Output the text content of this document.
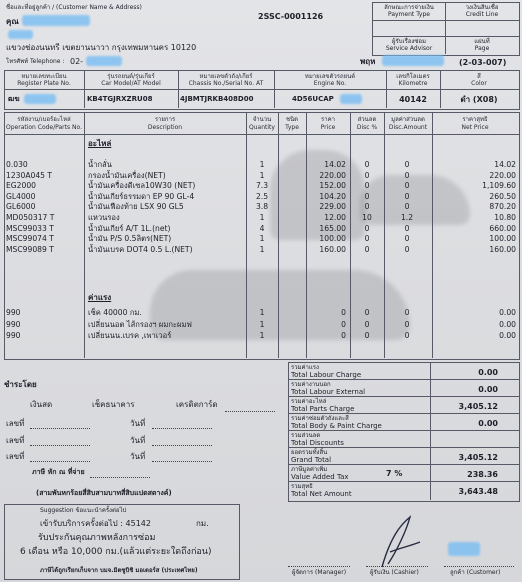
ชื่อและที่อยู่ลูกค้า / (Customer Name & Address)
คุณ
แขวงช่องนนทรี เขตยานนาวา กรุงเทพมหานคร 10120
โทรศัพท์ Telephone : 02-
2SSC-0001126
ลักษณะการจ่ายเงิน
Payment Type
วงเงินสินเชื่อ
Credit Line
ผู้รับเรื่องซ่อม
Service Advisor
แผ่นที่
Page
พฤห	(2-03-007)
หมายเลขทะเบียน
Register Plate No.
รุ่นรถยนต์/รุ่นเกียร์
Car Model/AT Model
หมายเลขตัวถัง/เกียร์
Chassis No./Serial No. AT
หมายเลขตัวรถยนต์
Engine No.
เลขกิโลเมตร
Kilometre
สี
Color
ฒฆ	KB4TGJRXZRU08	4JBMTJRKB408D00	4D56UCAP	40142	ดำ (X08)
รหัสงาน/เบอร์อะไหล่
Operation Code/Parts No.
รายการ
Description
จำนวน
Quantity
ชนิด
Type
ราคา
Price
ส่วนลด
Disc %
มูลค่าส่วนลด
Disc.Amount
ราคาสุทธิ
Net Price
อะไหล่
0.030	น้ำกลั่น	1	14.02	0	0	14.02
1230A045 T	กรองน้ำมันเครื่อง(NET)	1	220.00	0	0	220.00
EG2000	น้ำมันเครื่องดีเซล10W30 (NET)	7.3	152.00	0	0	1,109.60
GL4000	น้ำมันเกียร์ธรรมดา EP 90 GL-4	2.5	104.20	0	0	260.50
GL6000	น้ำมันเฟืองท้าย LSX 90 GL5	3.8	229.00	0	0	870.20
MD050317 T	แหวนรอง	1	12.00	10	1.2	10.80
MSC99033 T	น้ำมันเกียร์ A/T 1L.(net)	4	165.00	0	0	660.00
MSC99074 T	น้ำมัน P/S 0.5ลิตร(NET)	1	100.00	0	0	100.00
MSC99089 T	น้ำมันเบรค DOT4 0.5 L.(NET)	1	160.00	0	0	160.00
ค่าแรง
990	เช็ค 40000 กม.	1	0	0	0	0.00
990	เปลี่ยนนอต ไส้กรองฯ ผมกะผมฟ	1	0	0	0	0.00
990	เปลี่ยนนน.เบรค ,เพาเวอร์	1	0	0	0	0.00
ชำระโดย
เงินสด	เช็คธนาคาร	เครดิตการ์ด
เลขที่	วันที่
เลขที่	วันที่
เลขที่	วันที่
ภาษี หัก ณ ที่จ่าย
(สามพันหกร้อยสี่สิบสามบาทสี่สิบแปดสตางค์)
รวมค่าแรง
Total Labour Charge	0.00
รวมค่างานนอก
Total Labour External	0.00
รวมค่าอะไหล่
Total Parts Charge	3,405.12
รวมค่าซ่อมตัวถังและสี
Total Body & Paint Charge	0.00
รวมส่วนลด
Total Discounts
ยอดรวมทั้งสิ้น
Grand Total	3,405.12
ภาษีมูลค่าเพิ่ม
Value Added Tax	7 %	238.36
รวมสุทธิ
Total Net Amount	3,643.48
Suggestion ข้อแนะนำครั้งต่อไป
เข้ารับบริการครั้งต่อไป : 45142	กม.
รับประกันคุณภาพหลังการซ่อม
6 เดือน หรือ 10,000 กม.(แล้วแต่ระยะใดถึงก่อน)
ภาษีได้ถูกเรียกเก็บจาก บมจ.มิตซูบิชิ มอเตอร์ส (ประเทศไทย)	ผู้จัดการ (Manager)	ผู้รับเงิน (Cashier)	ลูกค้า (Customer)
